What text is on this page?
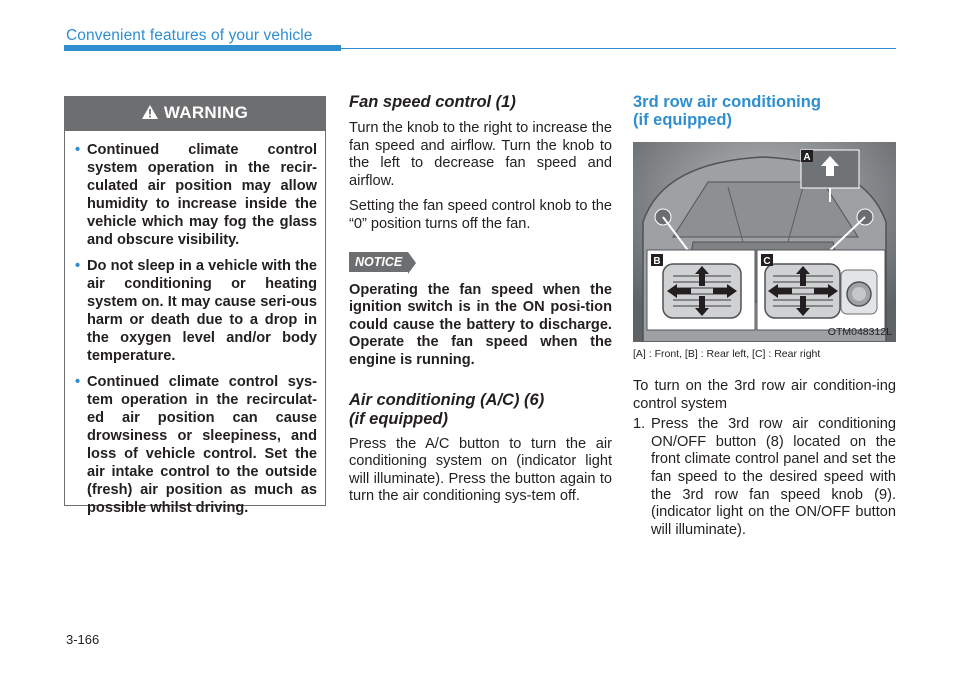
Convenient features of your vehicle
WARNING
• Continued climate control system operation in the recir-culated air position may allow humidity to increase inside the vehicle which may fog the glass and obscure visibility.
• Do not sleep in a vehicle with the air conditioning or heating system on. It may cause seri-ous harm or death due to a drop in the oxygen level and/or body temperature.
• Continued climate control sys-tem operation in the recirculat-ed air position can cause drowsiness or sleepiness, and loss of vehicle control. Set the air intake control to the outside (fresh) air position as much as possible whilst driving.

Fan speed control (1)

Turn the knob to the right to increase the fan speed and airflow. Turn the knob to the left to decrease fan speed and airflow.

Setting the fan speed control knob to the “0” position turns off the fan.

NOTICE

Operating the fan speed when the ignition switch is in the ON posi-tion could cause the battery to discharge. Operate the fan speed when the engine is running.

Air conditioning (A/C) (6)

(if equipped)

Press the A/C button to turn the air conditioning system on (indicator light will illuminate). Press the button again to turn the air conditioning sys-tem off.

3rd row air conditioning

(if equipped)

A
B	C
OTM048312L
[A] : Front, [B] : Rear left, [C] : Rear right

To turn on the 3rd row air condition-ing control system

1. Press the 3rd row air conditioning ON/OFF button (8) located on the front climate control panel and set the fan speed to the desired speed with the 3rd row fan speed knob (9). (indicator light on the ON/OFF button will illuminate).

3-166
